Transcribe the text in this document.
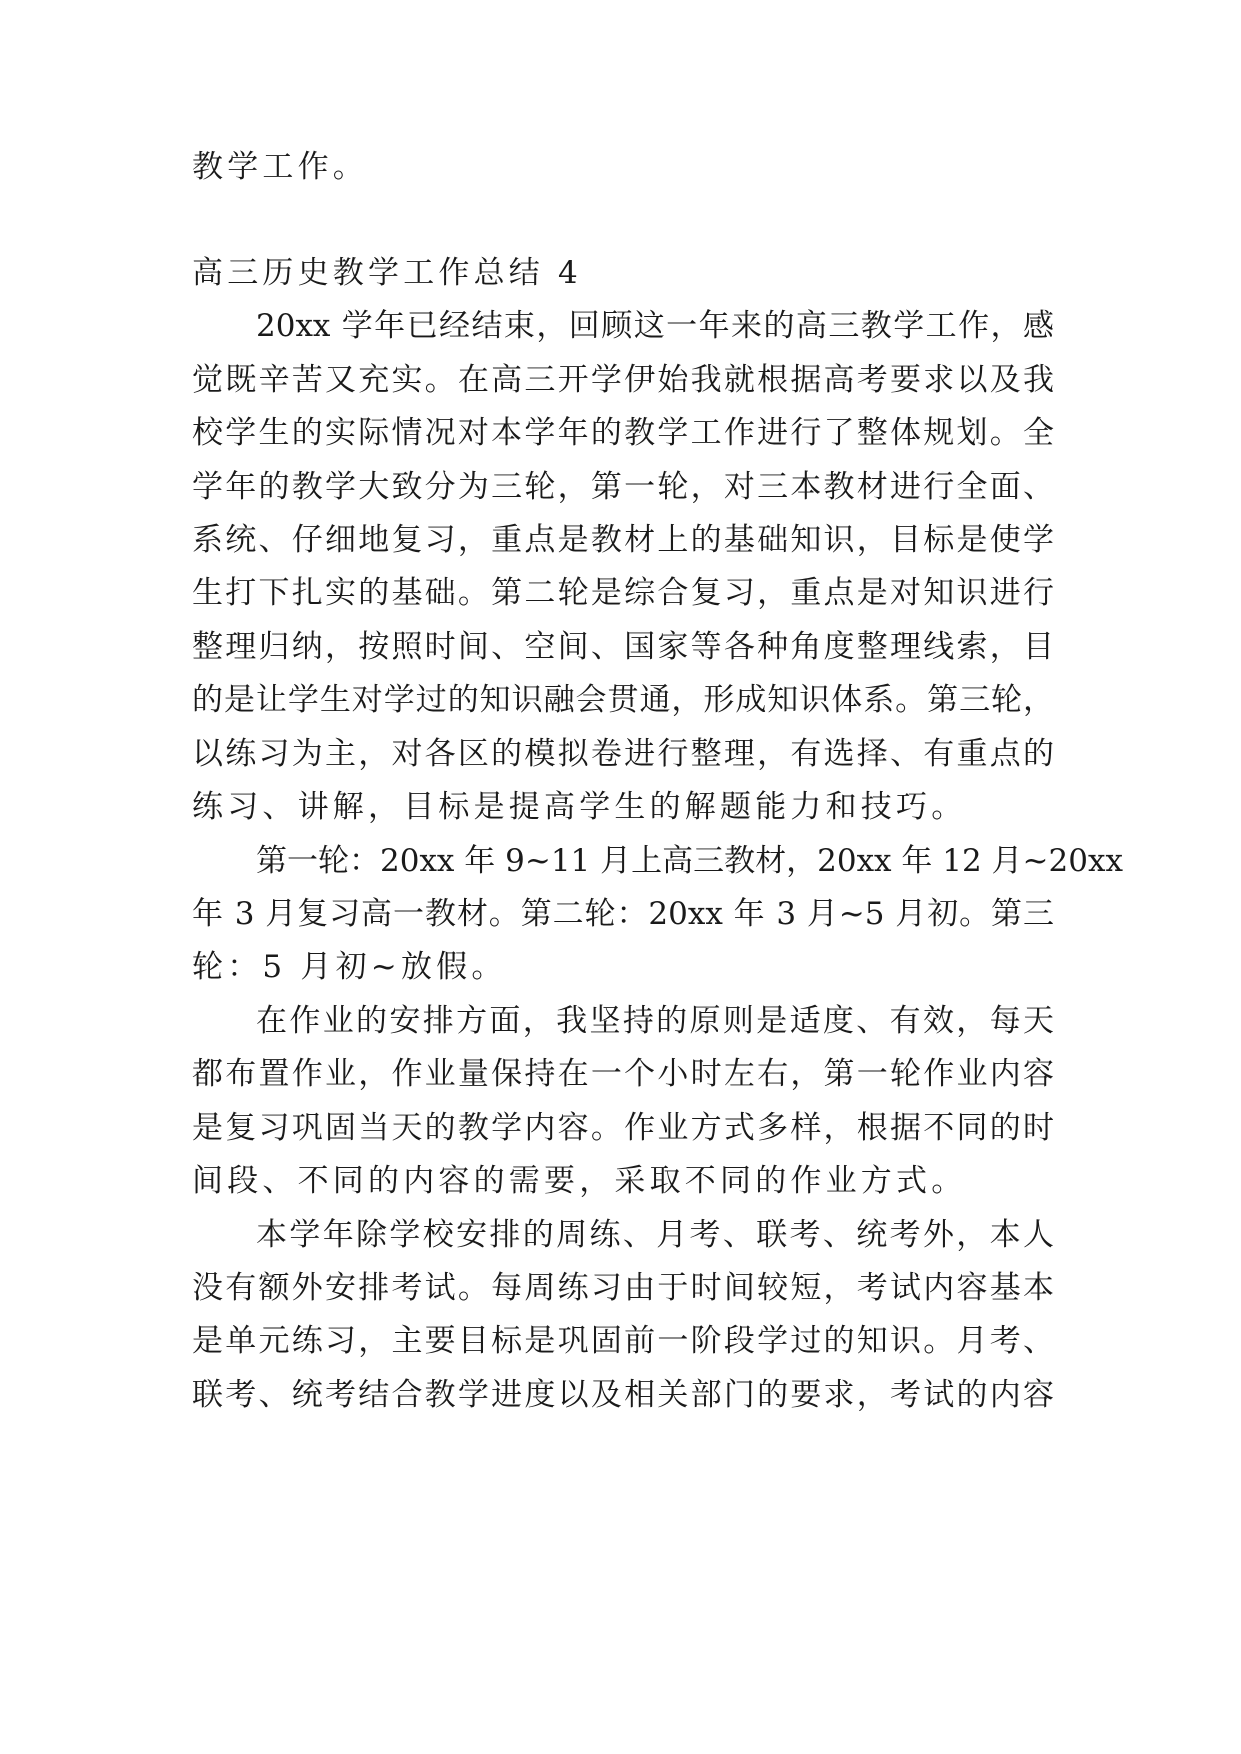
教学工作。
高三历史教学工作总结 4
20xx 学年已经结束，回顾这一年来的高三教学工作，感
觉既辛苦又充实。在高三开学伊始我就根据高考要求以及我
校学生的实际情况对本学年的教学工作进行了整体规划。全
学年的教学大致分为三轮，第一轮，对三本教材进行全面、
系统、仔细地复习，重点是教材上的基础知识，目标是使学
生打下扎实的基础。第二轮是综合复习，重点是对知识进行
整理归纳，按照时间、空间、国家等各种角度整理线索，目
的是让学生对学过的知识融会贯通，形成知识体系。第三轮，
以练习为主，对各区的模拟卷进行整理，有选择、有重点的
练习、讲解，目标是提高学生的解题能力和技巧。
第一轮：20xx 年 9~11 月上高三教材，20xx 年 12 月~20xx
年 3 月复习高一教材。第二轮：20xx 年 3 月~5 月初。第三
轮：5 月初~放假。
在作业的安排方面，我坚持的原则是适度、有效，每天
都布置作业，作业量保持在一个小时左右，第一轮作业内容
是复习巩固当天的教学内容。作业方式多样，根据不同的时
间段、不同的内容的需要，采取不同的作业方式。
本学年除学校安排的周练、月考、联考、统考外，本人
没有额外安排考试。每周练习由于时间较短，考试内容基本
是单元练习，主要目标是巩固前一阶段学过的知识。月考、
联考、统考结合教学进度以及相关部门的要求，考试的内容
